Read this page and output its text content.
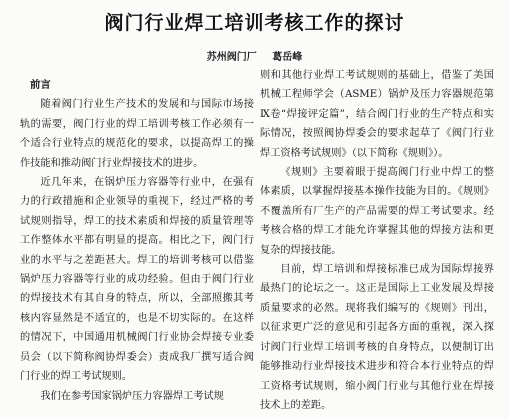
阀门行业焊工培训考核工作的探讨
苏州阀门厂 葛岳峰
前言

随着阀门行业生产技术的发展和与国际市场接轨的需要，阀门行业的焊工培训考核工作必须有一个适合行业特点的规范化的要求，以提高焊工的操作技能和推动阀门行业焊接技术的进步。

近几年来，在锅炉压力容器等行业中，在强有力的行政措施和企业领导的重视下，经过严格的考试规则指导，焊工的技术素质和焊接的质量管理等工作整体水平都有明显的提高。相比之下，阀门行业的水平与之差距甚大。焊工的培训考核可以借鉴锅炉压力容器等行业的成功经验。但由于阀门行业的焊接技术有其自身的特点，所以，全部照搬其考核内容显然是不适宜的，也是不切实际的。在这样的情况下，中国通用机械阀门行业协会焊接专业委员会（以下简称阀协焊委会）责成我厂撰写适合阀门行业的焊工考试规则。

我们在参考国家锅炉压力容器焊工考试规

则和其他行业焊工考试规则的基础上，借鉴了美国机械工程师学会（ASME）锅炉及压力容器规范第Ⅸ卷“焊接评定篇”，结合阀门行业的生产特点和实际情况，按照阀协焊委会的要求起草了《阀门行业焊工资格考试规则》（以下简称《规则》）。

《规则》主要着眼于提高阀门行业中焊工的整体素质，以掌握焊接基本操作技能为目的。《规则》不覆盖所有厂生产的产品需要的焊工考试要求。经考核合格的焊工才能允许掌握其他的焊接方法和更复杂的焊接技能。

目前，焊工培训和焊接标准已成为国际焊接界最热门的论坛之一。这正是国际上工业发展及焊接质量要求的必然。现将我们编写的《规则》刊出，以征求更广泛的意见和引起各方面的重视，深入探讨阀门行业焊工培训考核的自身特点，以便制订出能够推动行业焊接技术进步和符合本行业特点的焊工资格考试规则，缩小阀门行业与其他行业在焊接技术上的差距。
